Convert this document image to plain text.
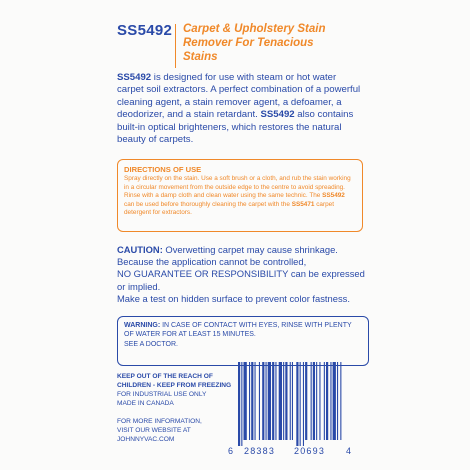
SS5492 Carpet & Upholstery Stain
Remover For Tenacious
Stains
SS5492 is designed for use with steam or hot water carpet soil extractors. A perfect combination of a powerful cleaning agent, a stain remover agent, a defoamer, a deodorizer, and a stain retardant. SS5492 also contains built-in optical brighteners, which restores the natural beauty of carpets.
DIRECTIONS OF USE
Spray directly on the stain. Use a soft brush or a cloth, and rub the stain working in a circular movement from the outside edge to the centre to avoid spreading. Rinse with a damp cloth and clean water using the same technic. The SS5492 can be used before thoroughly cleaning the carpet with the SS5471 carpet detergent for extractors.
CAUTION: Overwetting carpet may cause shrinkage.
Because the application cannot be controlled,
NO GUARANTEE OR RESPONSIBILITY can be expressed or implied.
Make a test on hidden surface to prevent color fastness.
WARNING: IN CASE OF CONTACT WITH EYES, RINSE WITH PLENTY OF WATER FOR AT LEAST 15 MINUTES.
SEE A DOCTOR.
KEEP OUT OF THE REACH OF
CHILDREN - KEEP FROM FREEZING
FOR INDUSTRIAL USE ONLY
MADE IN CANADA
FOR MORE INFORMATION,
VISIT OUR WEBSITE AT
JOHNNYVAC.COM
6 28383 20693 4
